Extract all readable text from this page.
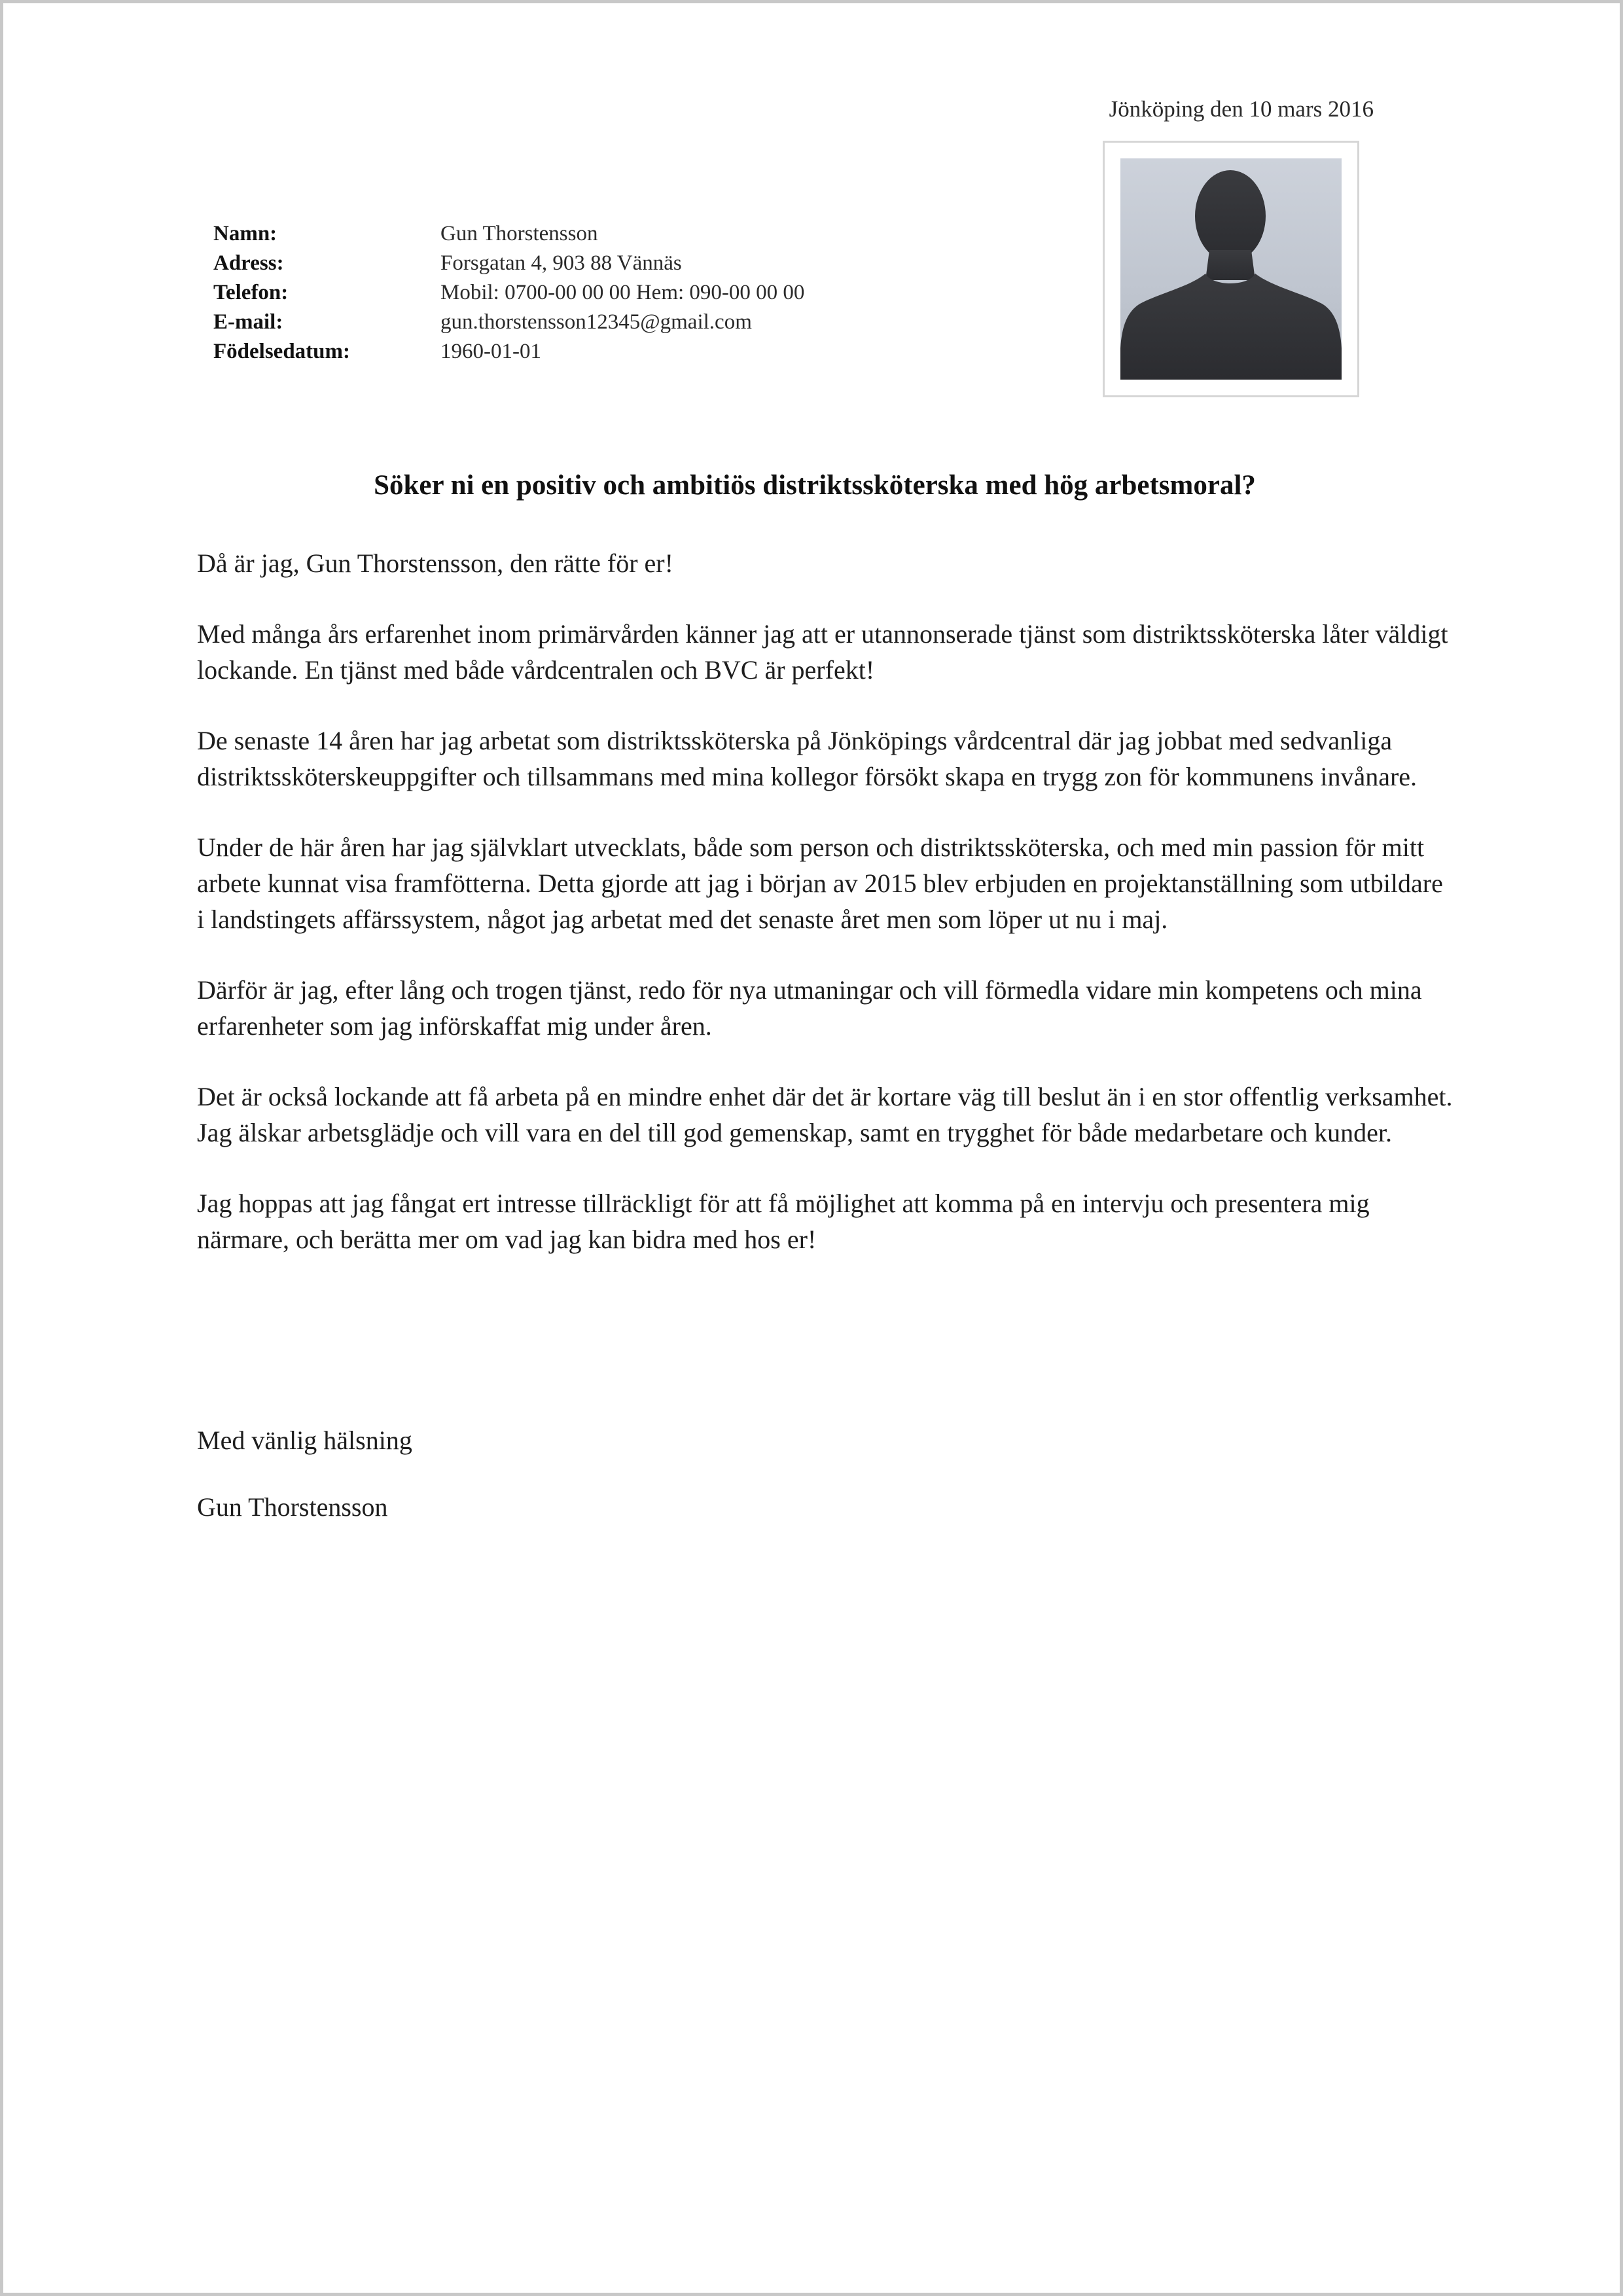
Jönköping den 10 mars 2016
Namn:	Gun Thorstensson
Adress:	Forsgatan 4, 903 88 Vännäs
Telefon:	Mobil: 0700-00 00 00 Hem: 090-00 00 00
E-mail:	gun.thorstensson12345@gmail.com
Födelsedatum:	1960-01-01
Söker ni en positiv och ambitiös distriktssköterska med hög arbetsmoral?

Då är jag, Gun Thorstensson, den rätte för er!

Med många års erfarenhet inom primärvården känner jag att er utannonserade tjänst som distriktssköterska låter väldigt lockande. En tjänst med både vårdcentralen och BVC är perfekt!

De senaste 14 åren har jag arbetat som distriktssköterska på Jönköpings vårdcentral där jag jobbat med sedvanliga distriktssköterskeuppgifter och tillsammans med mina kollegor försökt skapa en trygg zon för kommunens invånare.

Under de här åren har jag självklart utvecklats, både som person och distriktssköterska, och med min passion för mitt arbete kunnat visa framfötterna. Detta gjorde att jag i början av 2015 blev erbjuden en projektanställning som utbildare i landstingets affärssystem, något jag arbetat med det senaste året men som löper ut nu i maj.

Därför är jag, efter lång och trogen tjänst, redo för nya utmaningar och vill förmedla vidare min kompetens och mina erfarenheter som jag införskaffat mig under åren.

Det är också lockande att få arbeta på en mindre enhet där det är kortare väg till beslut än i en stor offentlig verksamhet. Jag älskar arbetsglädje och vill vara en del till god gemenskap, samt en trygghet för både medarbetare och kunder.

Jag hoppas att jag fångat ert intresse tillräckligt för att få möjlighet att komma på en intervju och presentera mig närmare, och berätta mer om vad jag kan bidra med hos er!

Med vänlig hälsning
Gun Thorstensson
